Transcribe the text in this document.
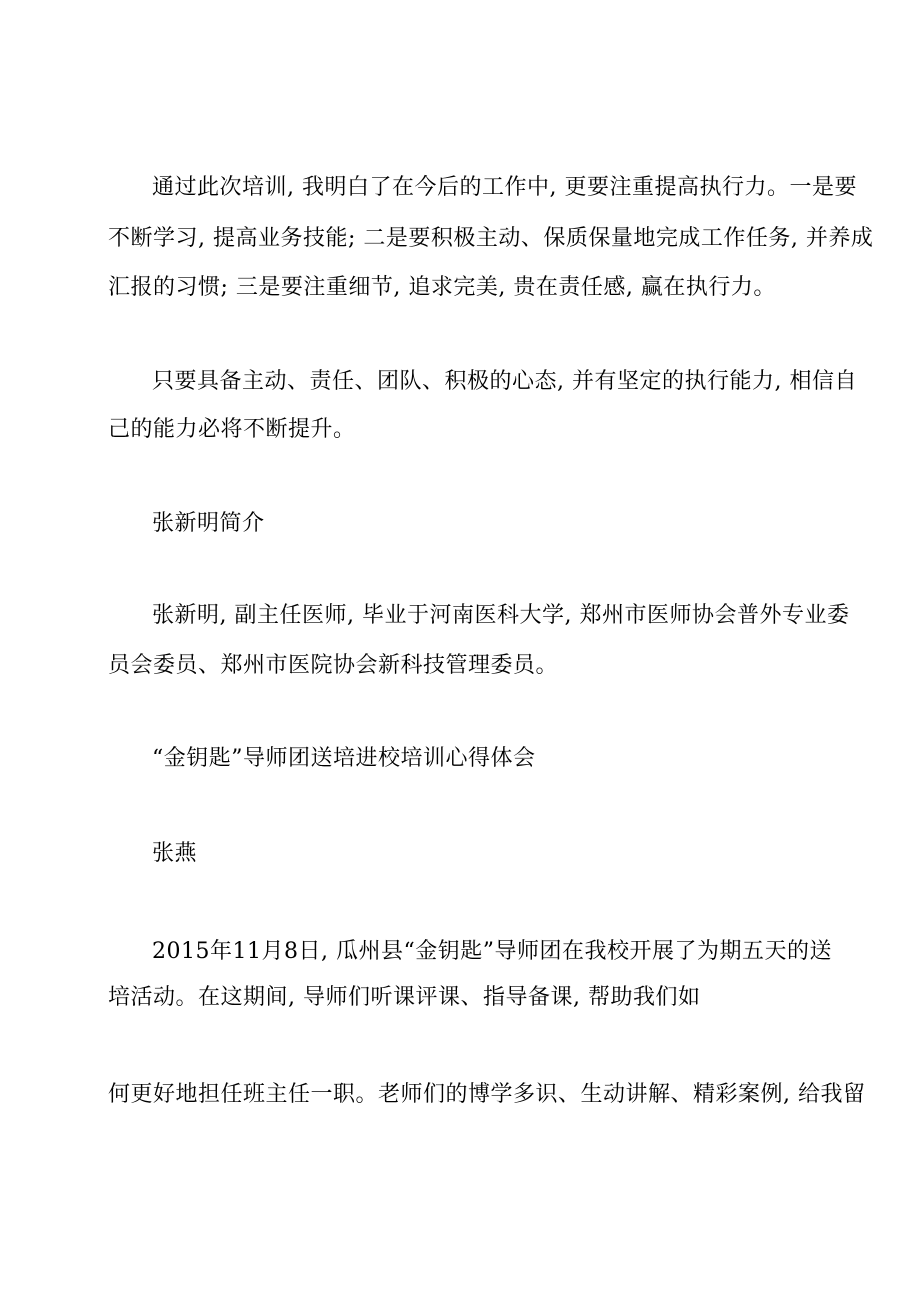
通过此次培训, 我明白了在今后的工作中, 更要注重提高执行力。一是要
不断学习, 提高业务技能; 二是要积极主动、保质保量地完成工作任务, 并养成
汇报的习惯; 三是要注重细节, 追求完美, 贵在责任感, 赢在执行力。
只要具备主动、责任、团队、积极的心态, 并有坚定的执行能力, 相信自
己的能力必将不断提升。
张新明简介
张新明, 副主任医师, 毕业于河南医科大学, 郑州市医师协会普外专业委
员会委员、郑州市医院协会新科技管理委员。
“金钥匙”导师团送培进校培训心得体会
张燕
2015年11月8日, 瓜州县“金钥匙”导师团在我校开展了为期五天的送
培活动。在这期间, 导师们听课评课、指导备课, 帮助我们如
何更好地担任班主任一职。老师们的博学多识、生动讲解、精彩案例, 给我留
